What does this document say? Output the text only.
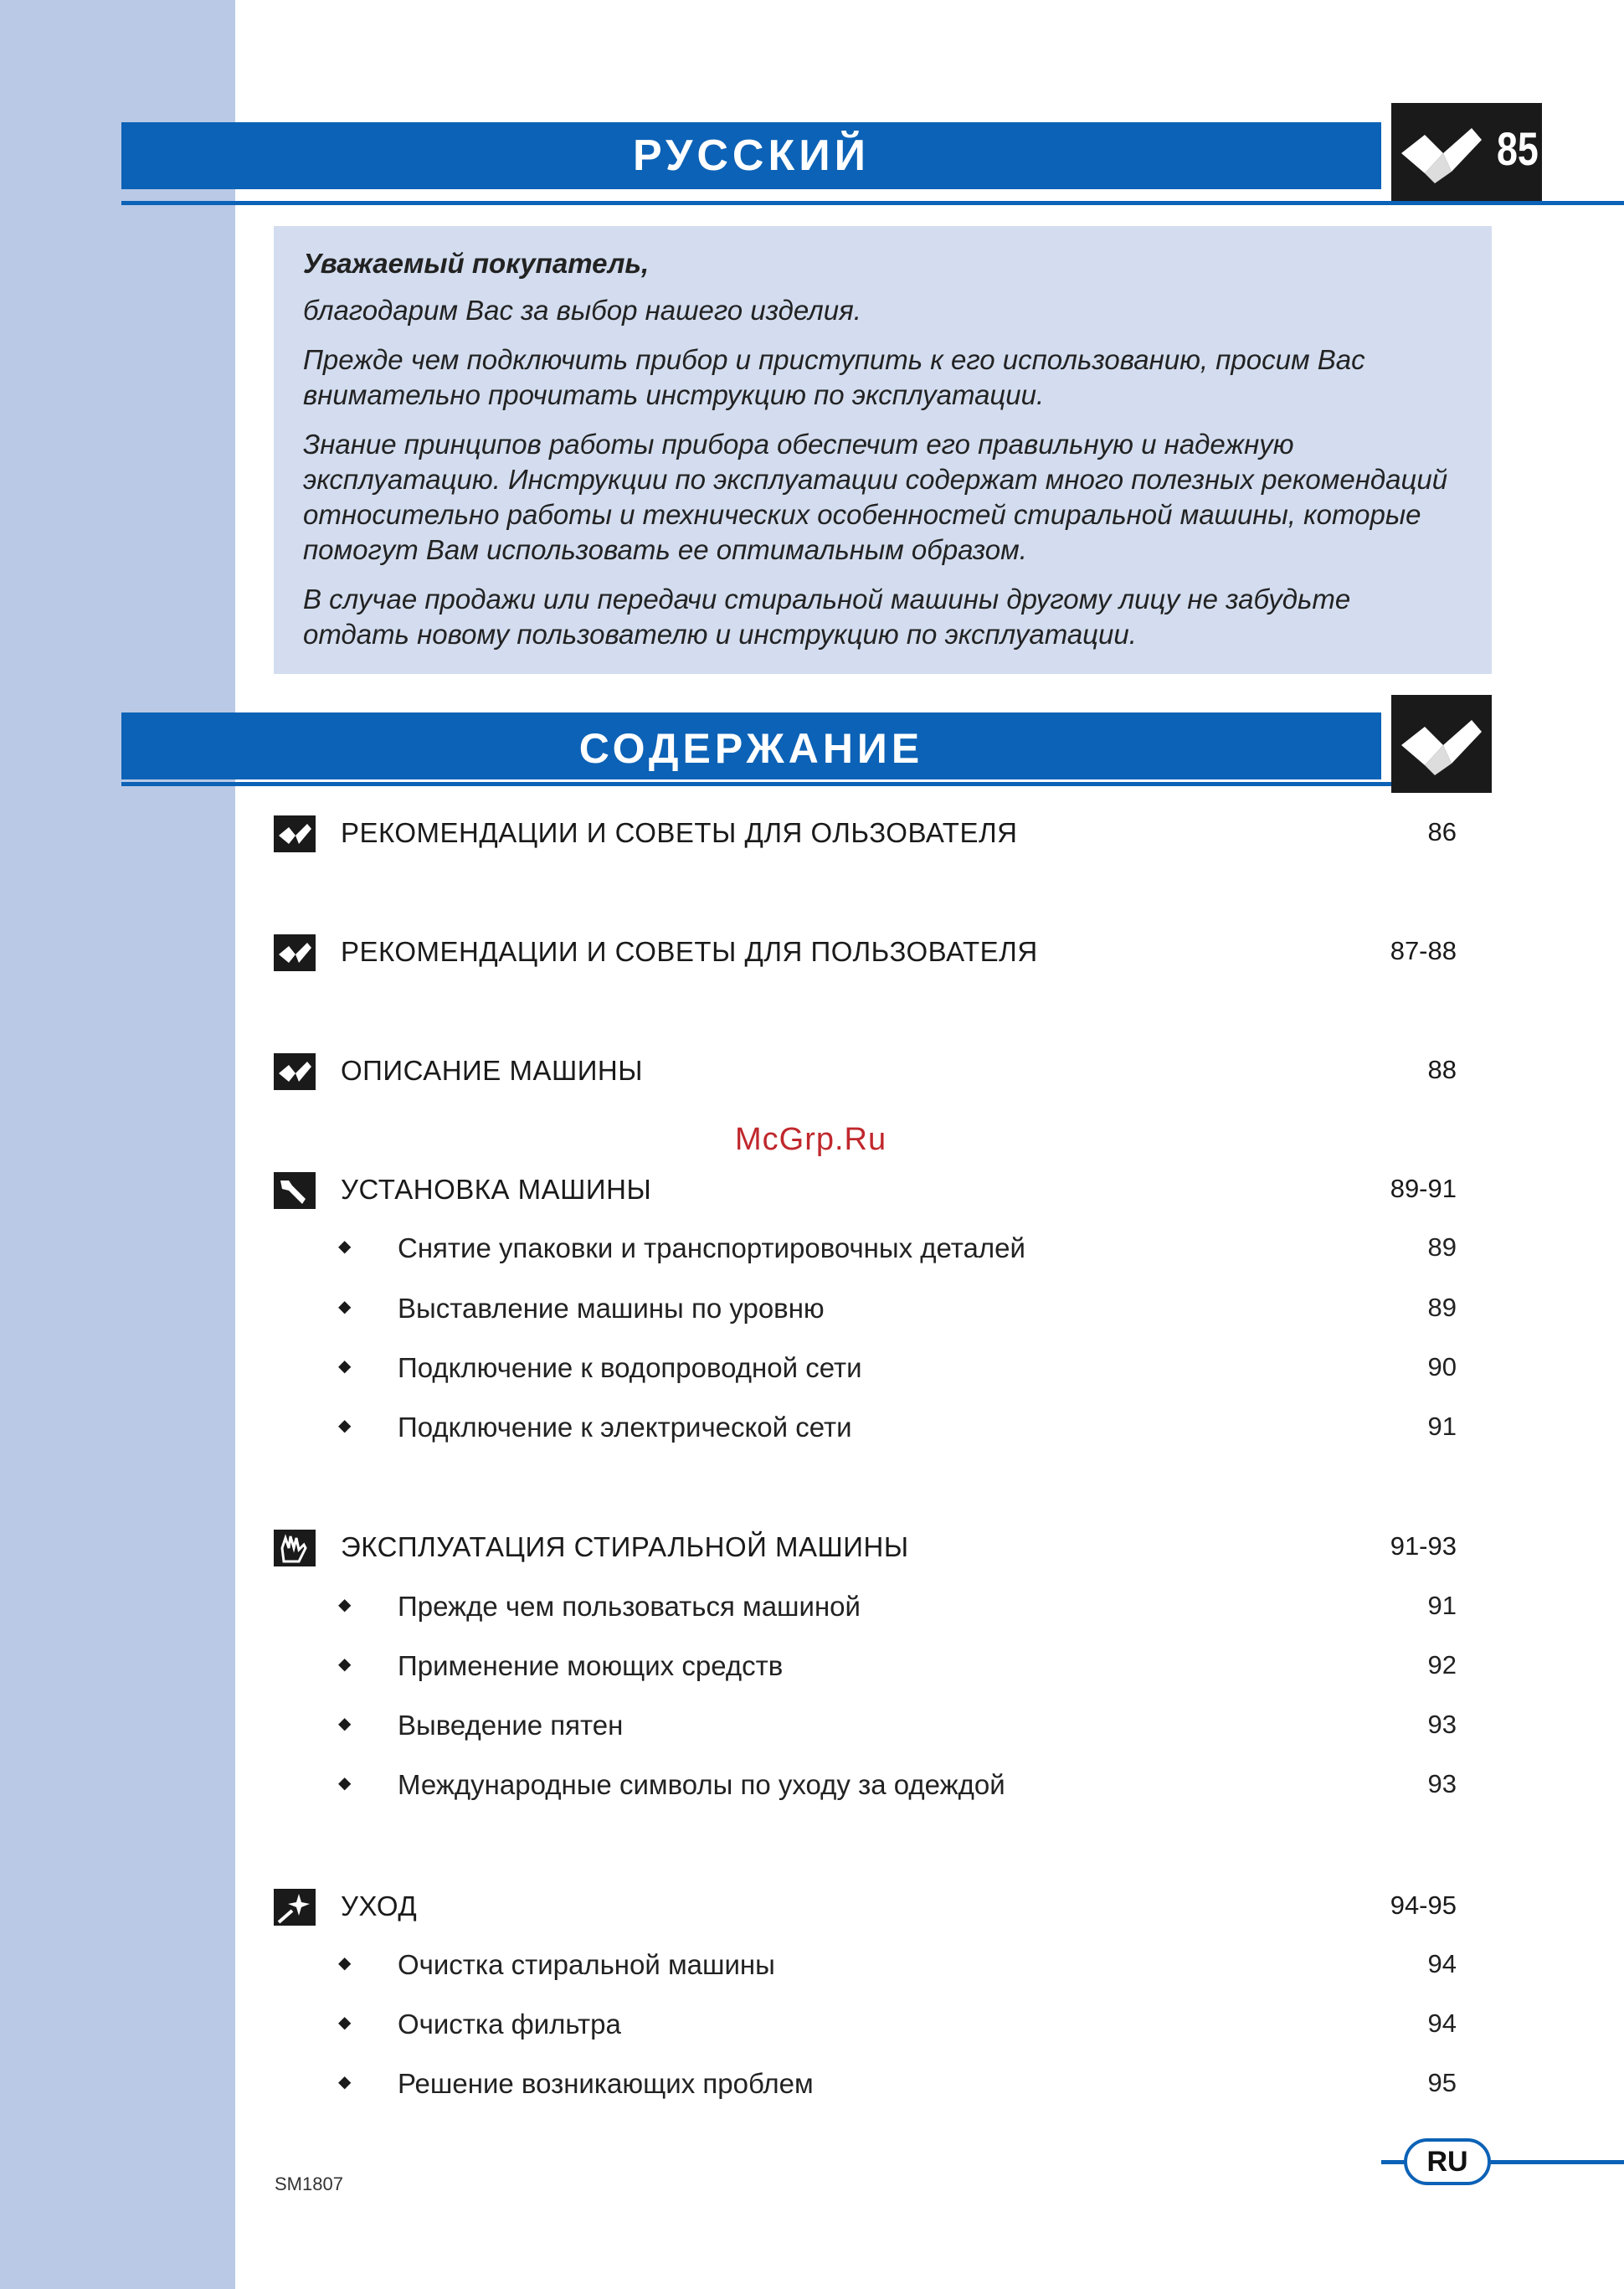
РУССКИЙ	85

Уважаемый покупатель,

благодарим Вас за выбор нашего изделия.

Прежде чем подключить прибор и приступить к его использованию, просим Вас внимательно прочитать инструкцию по эксплуатации.

Знание принципов работы прибора обеспечит его правильную и надежную эксплуатацию. Инструкции по эксплуатации содержат много полезных рекомендаций относительно работы и технических особенностей стиральной машины, которые помогут Вам использовать ее оптимальным образом.

В случае продажи или передачи стиральной машины другому лицу не забудьте отдать новому пользователю и инструкцию по эксплуатации.

СОДЕРЖАНИЕ
РЕКОМЕНДАЦИИ И СОВЕТЫ ДЛЯ ОЛЬЗОВАТЕЛЯ	86
РЕКОМЕНДАЦИИ И СОВЕТЫ ДЛЯ ПОЛЬЗОВАТЕЛЯ	87-88
ОПИСАНИЕ МАШИНЫ	88
УСТАНОВКА МАШИНЫ	89-91
◆ Снятие упаковки и транспортировочных деталей	89
◆ Выставление машины по уровню	89
◆ Подключение к водопроводной сети	90
◆ Подключение к электрической сети	91
ЭКСПЛУАТАЦИЯ СТИРАЛЬНОЙ МАШИНЫ	91-93
◆ Прежде чем пользоваться машиной	91
◆ Применение моющих средств	92
◆ Выведение пятен	93
◆ Международные символы по уходу за одеждой	93
УХОД	94-95
◆ Очистка стиральной машины	94
◆ Очистка фильтра	94
◆ Решение возникающих проблем	95
McGrp.Ru
RU
SM1807
